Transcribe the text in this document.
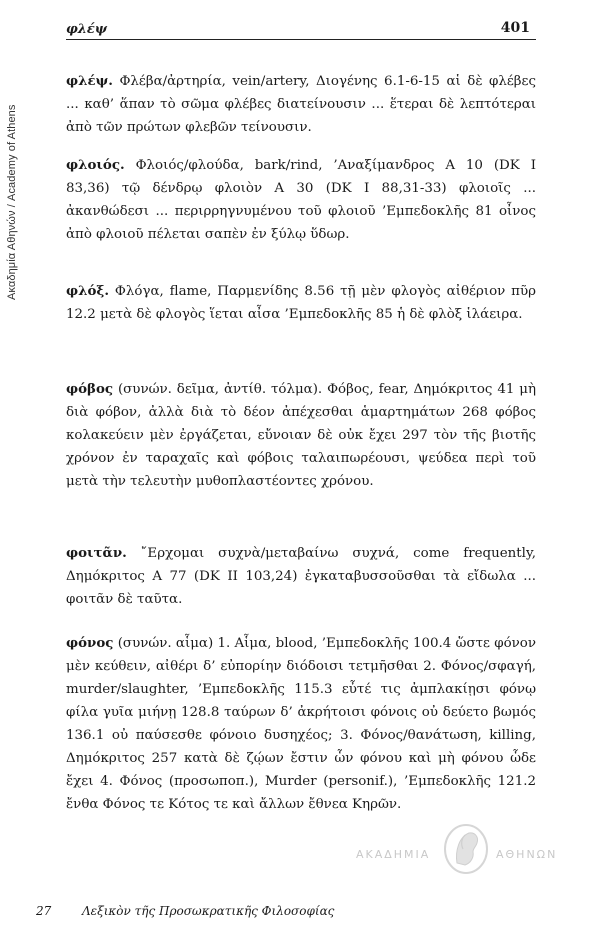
Ακαδημία Αθηνών / Academy of Athens
φλέψ	401
φλέψ. Φλέβα/ἀρτηρία, vein/artery, Διογένης 6.1-6-15 αἱ δὲ φλέβες ... καθ’ ἅπαν τὸ σῶμα φλέβες διατείνουσιν ... ἕτεραι δὲ λεπτότεραι ἀπὸ τῶν πρώτων φλεβῶν τείνουσιν.
φλοιός. Φλοιός/φλούδα, bark/rind, ’Αναξίμανδρος A 10 (DK I 83,36) τῷ δένδρῳ φλοιὸν A 30 (DK I 88,31-33) φλοιοῖς ... ἀκανθώδεσι ... περιρρηγνυμένου τοῦ φλοιοῦ ’Εμπεδοκλῆς 81 οἶνος ἀπὸ φλοιοῦ πέλεται σαπὲν ἐν ξύλῳ ὕδωρ.
φλόξ. Φλόγα, flame, Παρμενίδης 8.56 τῇ μὲν φλογὸς αἰθέριον πῦρ 12.2 μετὰ δὲ φλογὸς ἵεται αἶσα ’Εμπεδοκλῆς 85 ἡ δὲ φλὸξ ἱλάειρα.
φόβος (συνών. δεῖμα, ἀντίθ. τόλμα). Φόβος, fear, Δημόκριτος 41 μὴ διὰ φόβον, ἀλλὰ διὰ τὸ δέον ἀπέχεσθαι ἁμαρτημάτων 268 φόβος κολακεύειν μὲν ἐργάζεται, εὔνοιαν δὲ οὐκ ἔχει 297 τὸν τῆς βιοτῆς χρόνον ἐν ταραχαῖς καὶ φόβοις ταλαιπωρέουσι, ψεύδεα περὶ τοῦ μετὰ τὴν τελευτὴν μυθοπλαστέοντες χρόνου.
φοιτᾶν. ῎Ερχομαι συχνὰ/μεταβαίνω συχνά, come frequently, Δημόκριτος A 77 (DK II 103,24) ἐγκαταβυσσοῦσθαι τὰ εἴδωλα ... φοιτᾶν δὲ ταῦτα.
φόνος (συνών. αἷμα) 1. Αἷμα, blood, ’Εμπεδοκλῆς 100.4 ὥστε φόνον μὲν κεύθειν, αἰθέρι δ’ εὐπορίην διόδοισι τετμῆσθαι 2. Φόνος/σφαγή, murder/slaughter, ’Εμπεδοκλῆς 115.3 εὖτέ τις ἀμπλακίῃσι φόνῳ φίλα γυῖα μιήνῃ 128.8 ταύρων δ’ ἀκρήτοισι φόνοις οὐ δεύετο βωμός 136.1 οὐ παύσεσθε φόνοιο δυσηχέος; 3. Φόνος/θανάτωση, killing, Δημόκριτος 257 κατὰ δὲ ζῴων ἔστιν ὧν φόνου καὶ μὴ φόνου ὧδε ἔχει 4. Φόνος (προσωποπ.), Murder (personif.), ’Εμπεδοκλῆς 121.2 ἔνθα Φόνος τε Κότος τε καὶ ἄλλων ἔθνεα Κηρῶν.
ΑΚΑΔΗΜΙΑ	ΑΘΗΝΩΝ
27	Λεξικὸν τῆς Προσωκρατικῆς Φιλοσοφίας
